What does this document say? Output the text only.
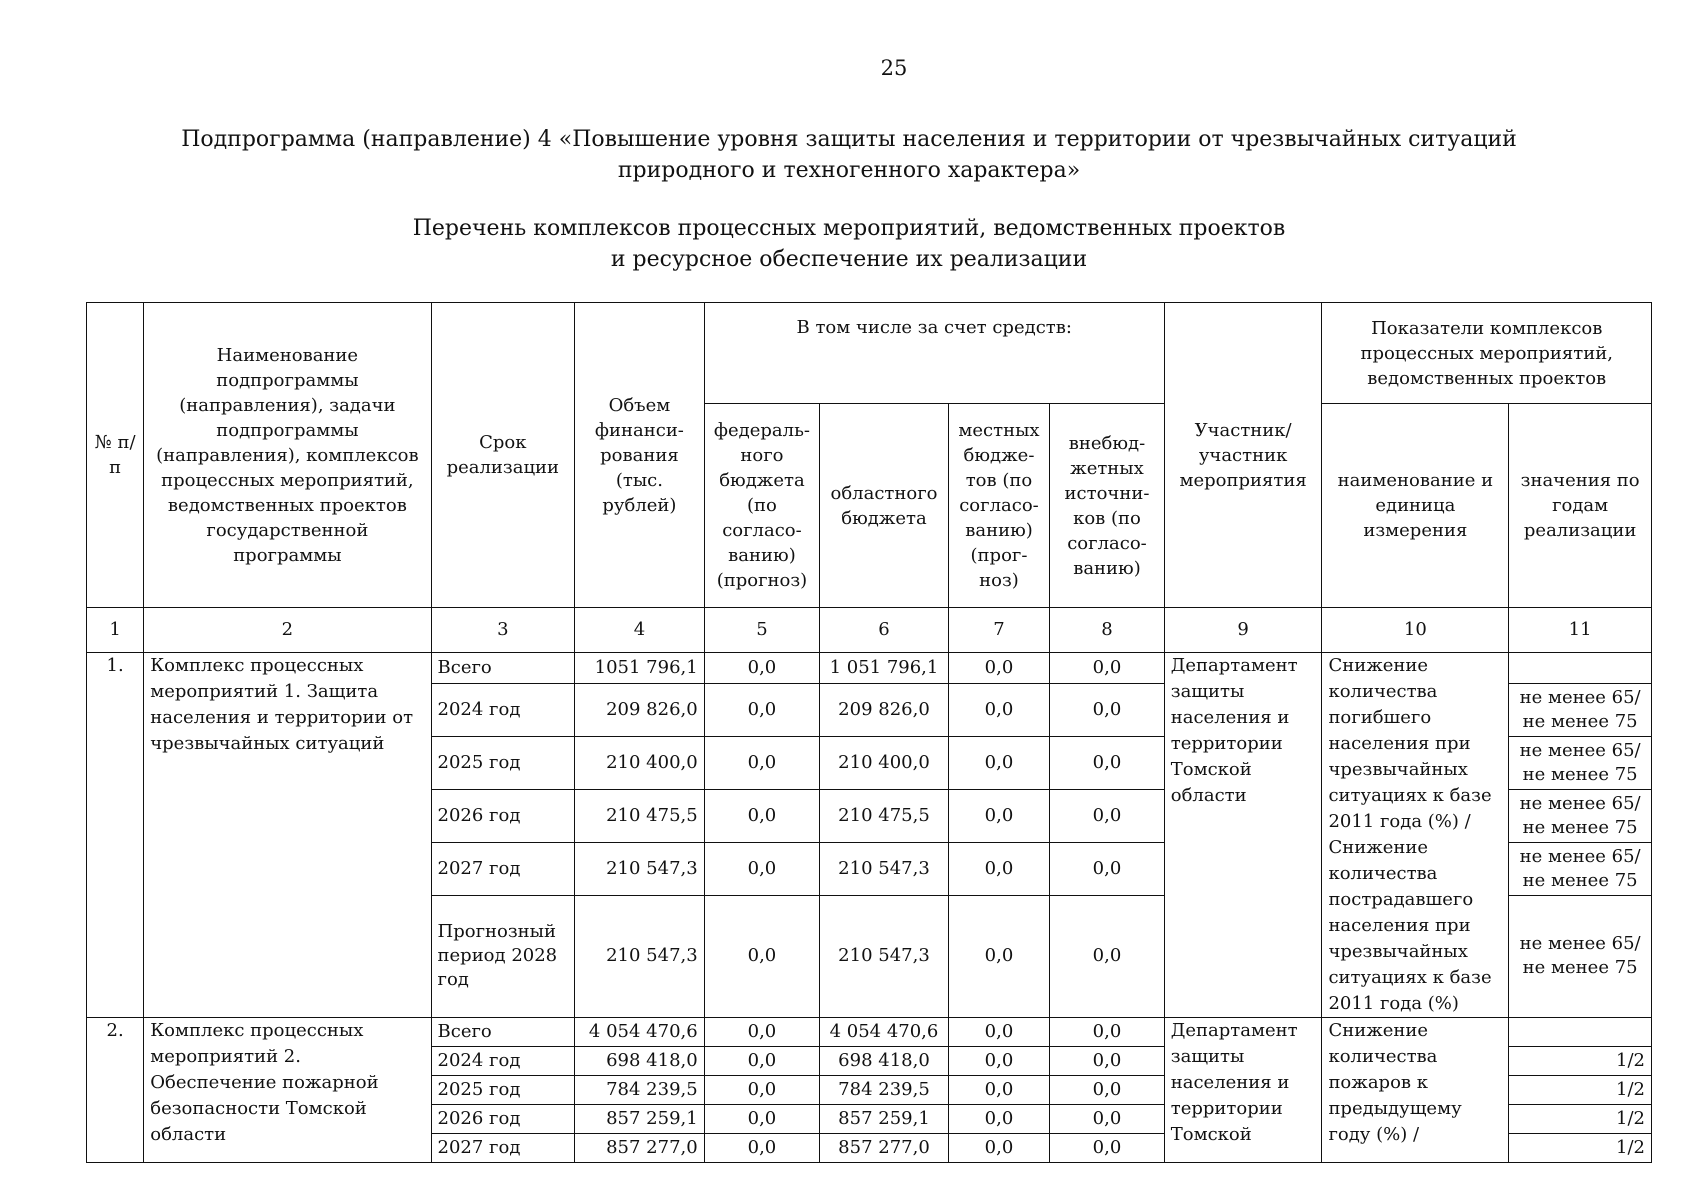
25
Подпрограмма (направление) 4 «Повышение уровня защиты населения и территории от чрезвычайных ситуаций
природного и техногенного характера»
Перечень комплексов процессных мероприятий, ведомственных проектов
и ресурсное обеспечение их реализации
№ п/п	Наименование подпрограммы (направления), задачи подпрограммы (направления), комплексов процессных мероприятий, ведомственных проектов государственной программы	Срок реализации	Объем финанси-рования (тыс. рублей)	В том числе за счет средств:				Участник/ участник мероприятия	Показатели комплексов процессных мероприятий, ведомственных проектов	
				федераль-ного бюджета (по согласо-ванию) (прогноз)	областного бюджета	местных бюдже-тов (по согласо-ванию) (прог-ноз)	внебюд-жетных источни-ков (по согласо-ванию)		наименование и единица измерения	значения по годам реализации
1	2	3	4	5	6	7	8	9	10	11
1.	Комплекс процессных мероприятий 1. Защита населения и территории от чрезвычайных ситуаций	Всего	1051 796,1	0,0	1 051 796,1	0,0	0,0	Департамент защиты населения и территории Томской области	Снижение количества погибшего населения при чрезвычайных ситуациях к базе 2011 года (%) / Снижение количества пострадавшего населения при чрезвычайных ситуациях к базе 2011 года (%)	
		2024 год	209 826,0	0,0	209 826,0	0,0	0,0			не менее 65/ не менее 75
		2025 год	210 400,0	0,0	210 400,0	0,0	0,0			не менее 65/ не менее 75
		2026 год	210 475,5	0,0	210 475,5	0,0	0,0			не менее 65/ не менее 75
		2027 год	210 547,3	0,0	210 547,3	0,0	0,0			не менее 65/ не менее 75
		Прогнозный период 2028 год	210 547,3	0,0	210 547,3	0,0	0,0			не менее 65/ не менее 75
2.	Комплекс процессных мероприятий 2. Обеспечение пожарной безопасности Томской области	Всего	4 054 470,6	0,0	4 054 470,6	0,0	0,0	Департамент защиты населения и территории Томской	Снижение количества пожаров к предыдущему году (%) /	
		2024 год	698 418,0	0,0	698 418,0	0,0	0,0			1/2
		2025 год	784 239,5	0,0	784 239,5	0,0	0,0			1/2
		2026 год	857 259,1	0,0	857 259,1	0,0	0,0			1/2
		2027 год	857 277,0	0,0	857 277,0	0,0	0,0			1/2
